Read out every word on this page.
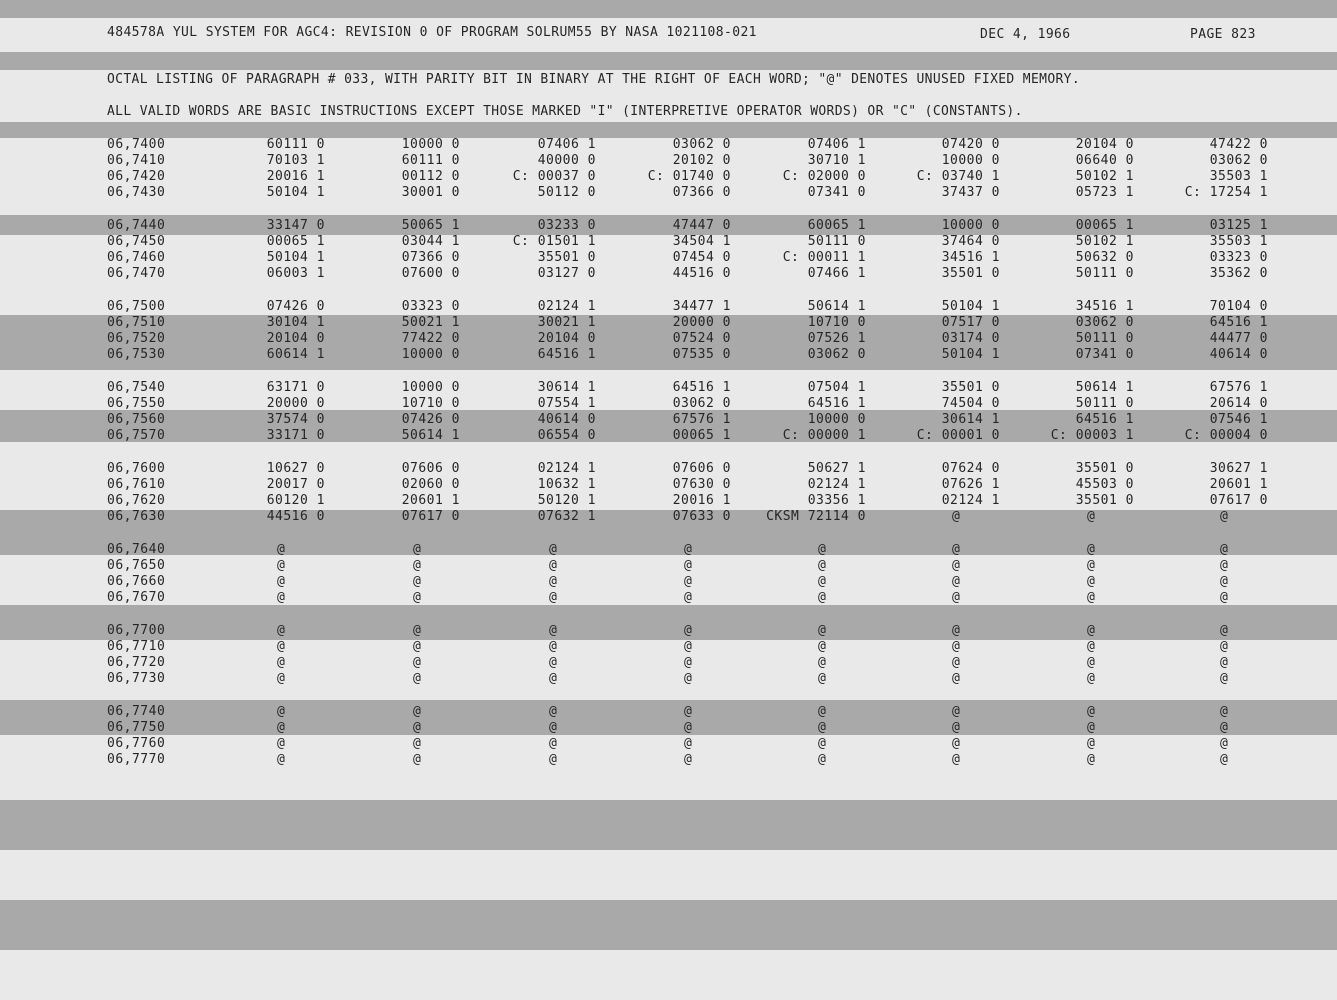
484578A YUL SYSTEM FOR AGC4: REVISION 0 OF PROGRAM SOLRUM55 BY NASA 1021108-021	DEC 4, 1966	PAGE 823
OCTAL LISTING OF PARAGRAPH # 033, WITH PARITY BIT IN BINARY AT THE RIGHT OF EACH WORD; "@" DENOTES UNUSED FIXED MEMORY.
ALL VALID WORDS ARE BASIC INSTRUCTIONS EXCEPT THOSE MARKED "I" (INTERPRETIVE OPERATOR WORDS) OR "C" (CONSTANTS).
06,7400	60111 0	10000 0	07406 1	03062 0	07406 1	07420 0	20104 0	47422 0
06,7410	70103 1	60111 0	40000 0	20102 0	30710 1	10000 0	06640 0	03062 0
06,7420	20016 1	00112 0	C: 00037 0	C: 01740 0	C: 02000 0	C: 03740 1	50102 1	35503 1
06,7430	50104 1	30001 0	50112 0	07366 0	07341 0	37437 0	05723 1	C: 17254 1
06,7440	33147 0	50065 1	03233 0	47447 0	60065 1	10000 0	00065 1	03125 1
06,7450	00065 1	03044 1	C: 01501 1	34504 1	50111 0	37464 0	50102 1	35503 1
06,7460	50104 1	07366 0	35501 0	07454 0	C: 00011 1	34516 1	50632 0	03323 0
06,7470	06003 1	07600 0	03127 0	44516 0	07466 1	35501 0	50111 0	35362 0
06,7500	07426 0	03323 0	02124 1	34477 1	50614 1	50104 1	34516 1	70104 0
06,7510	30104 1	50021 1	30021 1	20000 0	10710 0	07517 0	03062 0	64516 1
06,7520	20104 0	77422 0	20104 0	07524 0	07526 1	03174 0	50111 0	44477 0
06,7530	60614 1	10000 0	64516 1	07535 0	03062 0	50104 1	07341 0	40614 0
06,7540	63171 0	10000 0	30614 1	64516 1	07504 1	35501 0	50614 1	67576 1
06,7550	20000 0	10710 0	07554 1	03062 0	64516 1	74504 0	50111 0	20614 0
06,7560	37574 0	07426 0	40614 0	67576 1	10000 0	30614 1	64516 1	07546 1
06,7570	33171 0	50614 1	06554 0	00065 1	C: 00000 1	C: 00001 0	C: 00003 1	C: 00004 0
06,7600	10627 0	07606 0	02124 1	07606 0	50627 1	07624 0	35501 0	30627 1
06,7610	20017 0	02060 0	10632 1	07630 0	02124 1	07626 1	45503 0	20601 1
06,7620	60120 1	20601 1	50120 1	20016 1	03356 1	02124 1	35501 0	07617 0
06,7630	44516 0	07617 0	07632 1	07633 0	CKSM 72114 0	@	@	@
06,7640	@	@	@	@	@	@	@	@
06,7650	@	@	@	@	@	@	@	@
06,7660	@	@	@	@	@	@	@	@
06,7670	@	@	@	@	@	@	@	@
06,7700	@	@	@	@	@	@	@	@
06,7710	@	@	@	@	@	@	@	@
06,7720	@	@	@	@	@	@	@	@
06,7730	@	@	@	@	@	@	@	@
06,7740	@	@	@	@	@	@	@	@
06,7750	@	@	@	@	@	@	@	@
06,7760	@	@	@	@	@	@	@	@
06,7770	@	@	@	@	@	@	@	@
